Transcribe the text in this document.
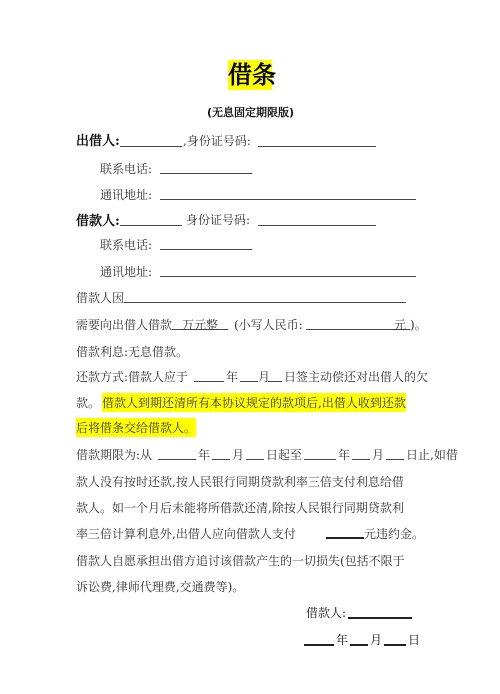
借条
(无息固定期限版)
出借人:	,身份证号码:
联系电话:
通讯地址:
借款人:	身份证号码:
联系电话:
通讯地址:
借款人因
需要向出借人借款 万元整 (小写人民币:	元 )。
借款利息:无息借款。
还款方式:借款人应于	年 月 日签主动偿还对出借人的欠
款。 借款人到期还清所有本协议规定的款项后,出借人收到还款
后将借条交给借款人。
借款期限为:从	年 月 日起至	年 月 日止,如借
款人没有按时还款,按人民银行同期贷款利率三倍支付利息给借
款人。如一个月后未能将所借款还清,除按人民银行同期贷款利
率三倍计算利息外,出借人应向借款人支付	元违约金。
借款人自愿承担出借方追讨该借款产生的一切损失(包括不限于
诉讼费,律师代理费,交通费等)。
借款人:
年 月 日
